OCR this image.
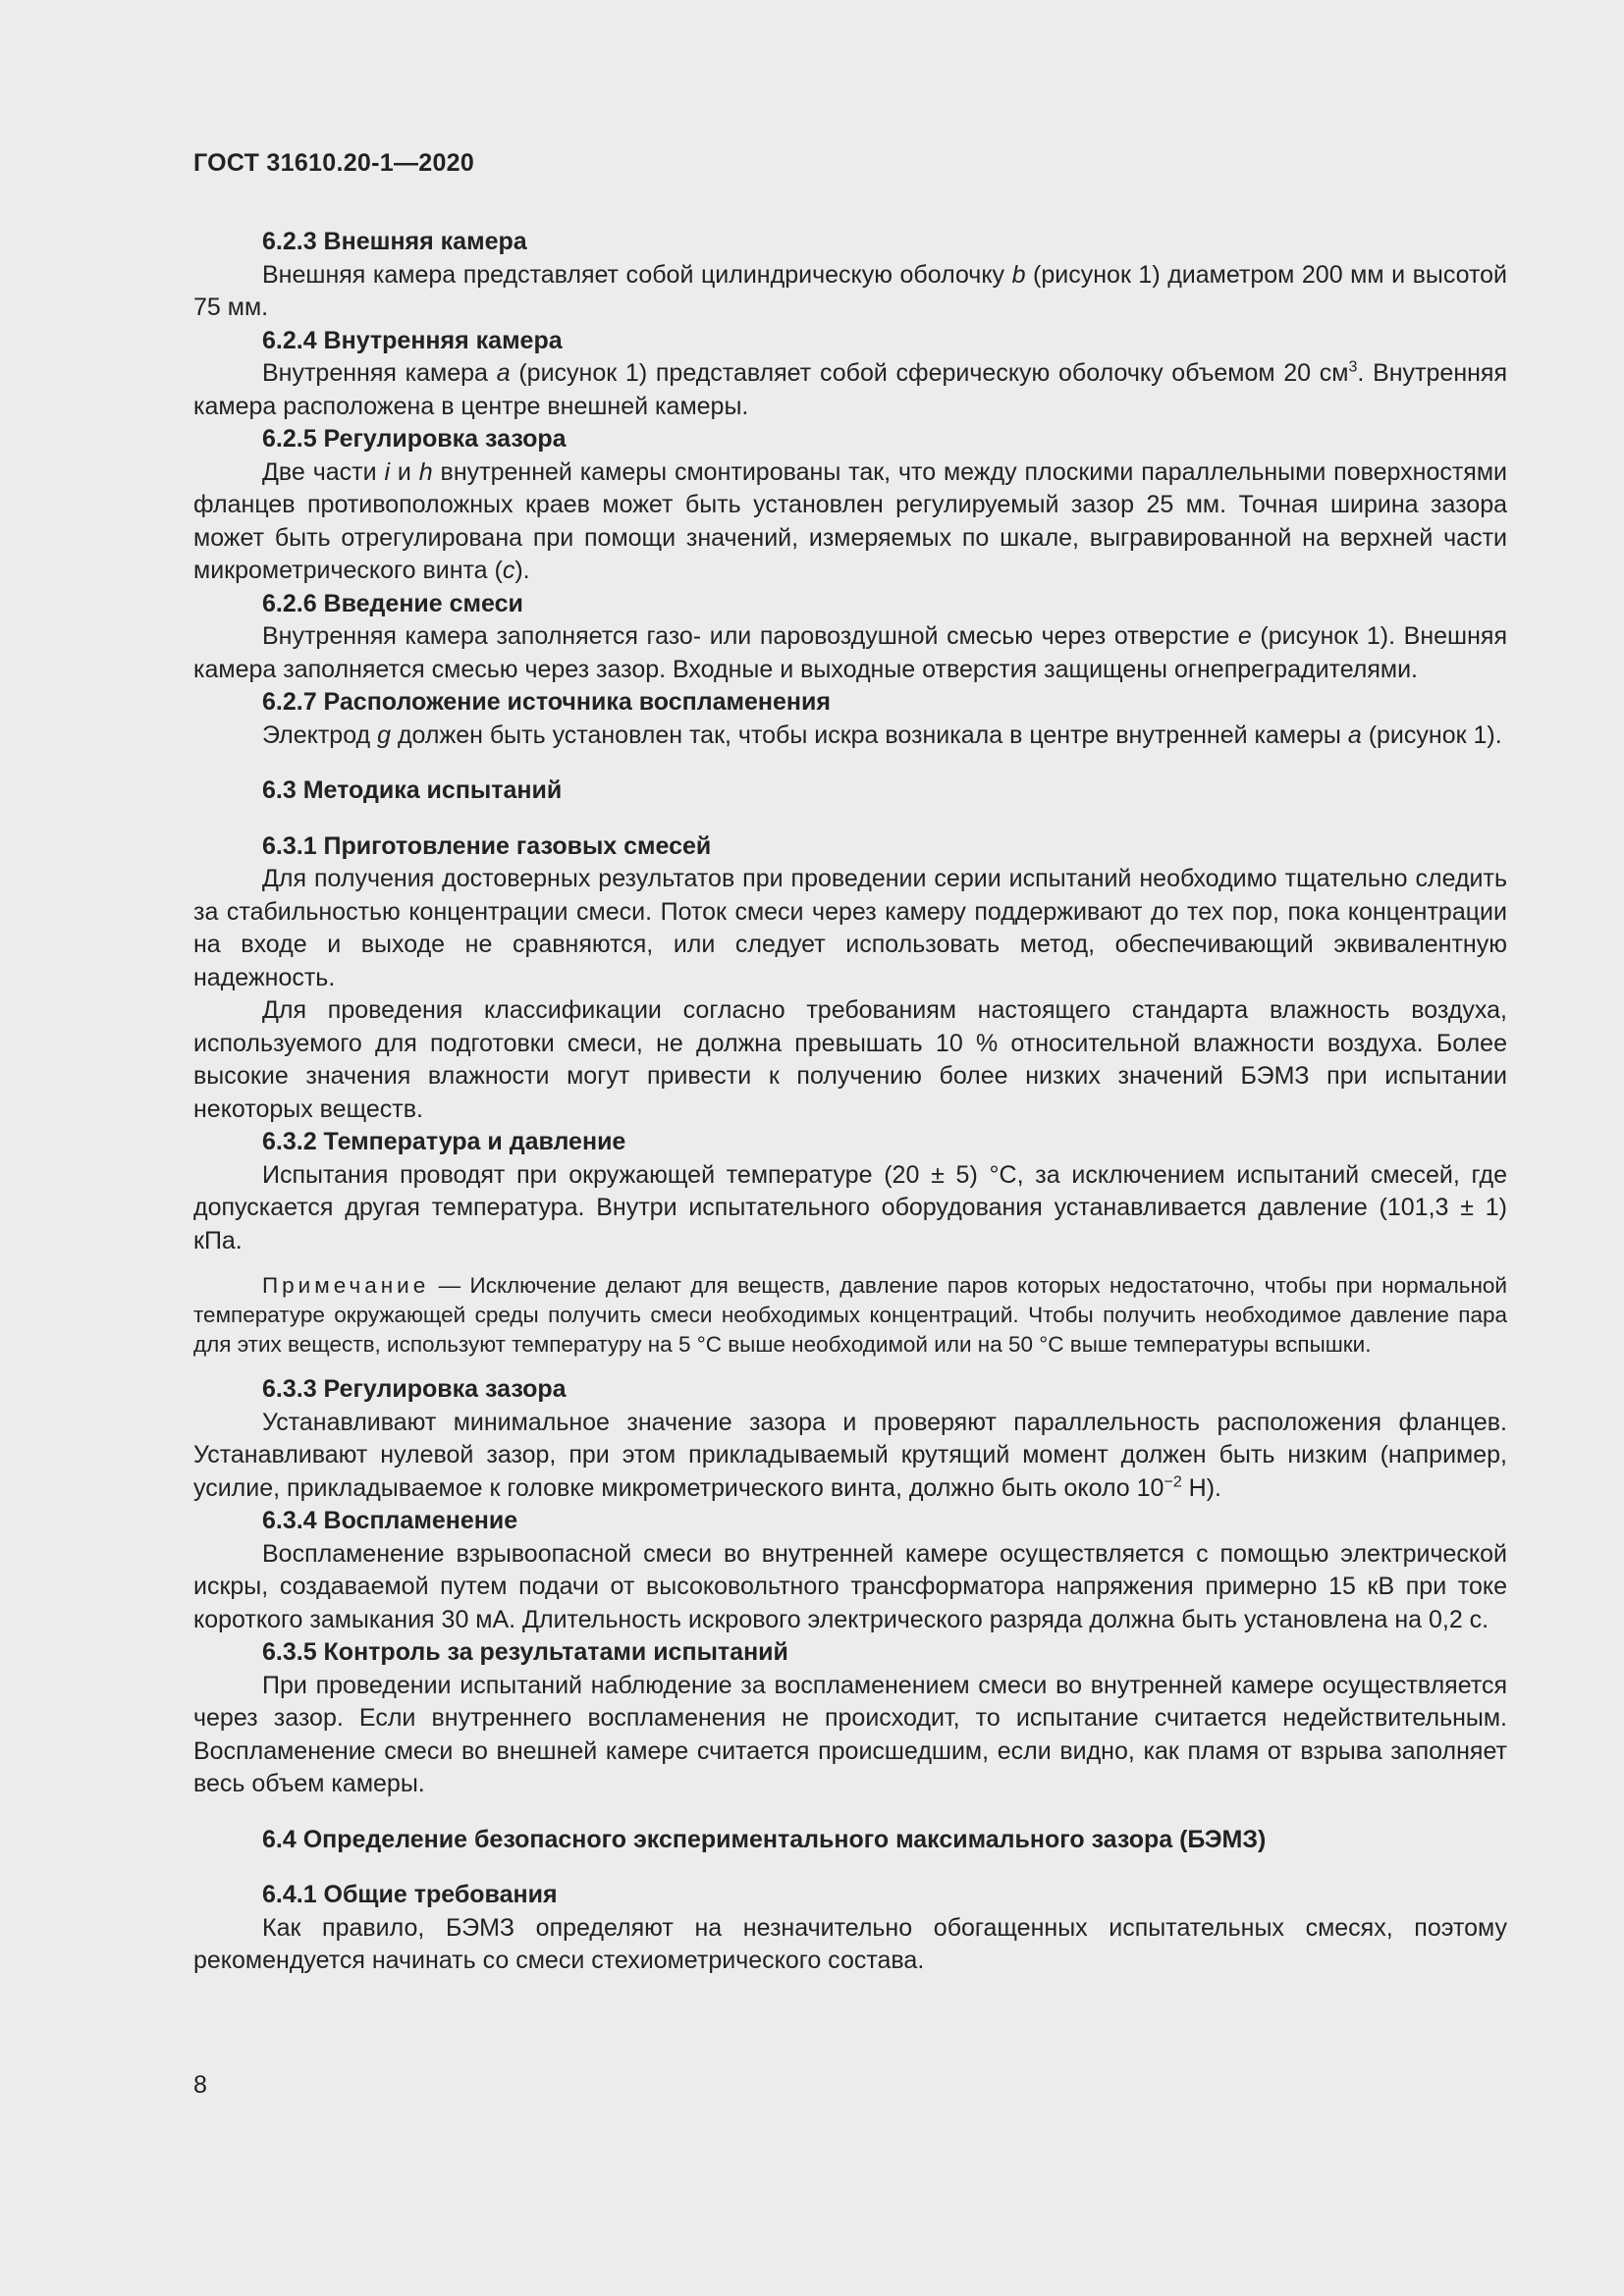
ГОСТ 31610.20-1—2020

6.2.3 Внешняя камера

Внешняя камера представляет собой цилиндрическую оболочку b (рисунок 1) диаметром 200 мм и высотой 75 мм.

6.2.4 Внутренняя камера

Внутренняя камера a (рисунок 1) представляет собой сферическую оболочку объемом 20 $см^3$. Внутренняя камера расположена в центре внешней камеры.

6.2.5 Регулировка зазора

Две части i и h внутренней камеры смонтированы так, что между плоскими параллельными поверхностями фланцев противоположных краев может быть установлен регулируемый зазор 25 мм. Точная ширина зазора может быть отрегулирована при помощи значений, измеряемых по шкале, выгравированной на верхней части микрометрического винта (c).

6.2.6 Введение смеси

Внутренняя камера заполняется газо- или паровоздушной смесью через отверстие e (рисунок 1). Внешняя камера заполняется смесью через зазор. Входные и выходные отверстия защищены огнепреградителями.

6.2.7 Расположение источника воспламенения

Электрод g должен быть установлен так, чтобы искра возникала в центре внутренней камеры a (рисунок 1).

6.3 Методика испытаний

6.3.1 Приготовление газовых смесей

Для получения достоверных результатов при проведении серии испытаний необходимо тщательно следить за стабильностью концентрации смеси. Поток смеси через камеру поддерживают до тех пор, пока концентрации на входе и выходе не сравняются, или следует использовать метод, обеспечивающий эквивалентную надежность.

Для проведения классификации согласно требованиям настоящего стандарта влажность воздуха, используемого для подготовки смеси, не должна превышать 10 % относительной влажности воздуха. Более высокие значения влажности могут привести к получению более низких значений БЭМЗ при испытании некоторых веществ.

6.3.2 Температура и давление

Испытания проводят при окружающей температуре (20 ± 5) °С, за исключением испытаний смесей, где допускается другая температура. Внутри испытательного оборудования устанавливается давление (101,3 ± 1) кПа.

Примечание — Исключение делают для веществ, давление паров которых недостаточно, чтобы при нормальной температуре окружающей среды получить смеси необходимых концентраций. Чтобы получить необходимое давление пара для этих веществ, используют температуру на 5 °С выше необходимой или на 50 °С выше температуры вспышки.

6.3.3 Регулировка зазора

Устанавливают минимальное значение зазора и проверяют параллельность расположения фланцев. Устанавливают нулевой зазор, при этом прикладываемый крутящий момент должен быть низким (например, усилие, прикладываемое к головке микрометрического винта, должно быть около $10^{-2}$ Н).

6.3.4 Воспламенение

Воспламенение взрывоопасной смеси во внутренней камере осуществляется с помощью электрической искры, создаваемой путем подачи от высоковольтного трансформатора напряжения примерно 15 кВ при токе короткого замыкания 30 мА. Длительность искрового электрического разряда должна быть установлена на 0,2 с.

6.3.5 Контроль за результатами испытаний

При проведении испытаний наблюдение за воспламенением смеси во внутренней камере осуществляется через зазор. Если внутреннего воспламенения не происходит, то испытание считается недействительным. Воспламенение смеси во внешней камере считается происшедшим, если видно, как пламя от взрыва заполняет весь объем камеры.

6.4 Определение безопасного экспериментального максимального зазора (БЭМЗ)

6.4.1 Общие требования

Как правило, БЭМЗ определяют на незначительно обогащенных испытательных смесях, поэтому рекомендуется начинать со смеси стехиометрического состава.

8
